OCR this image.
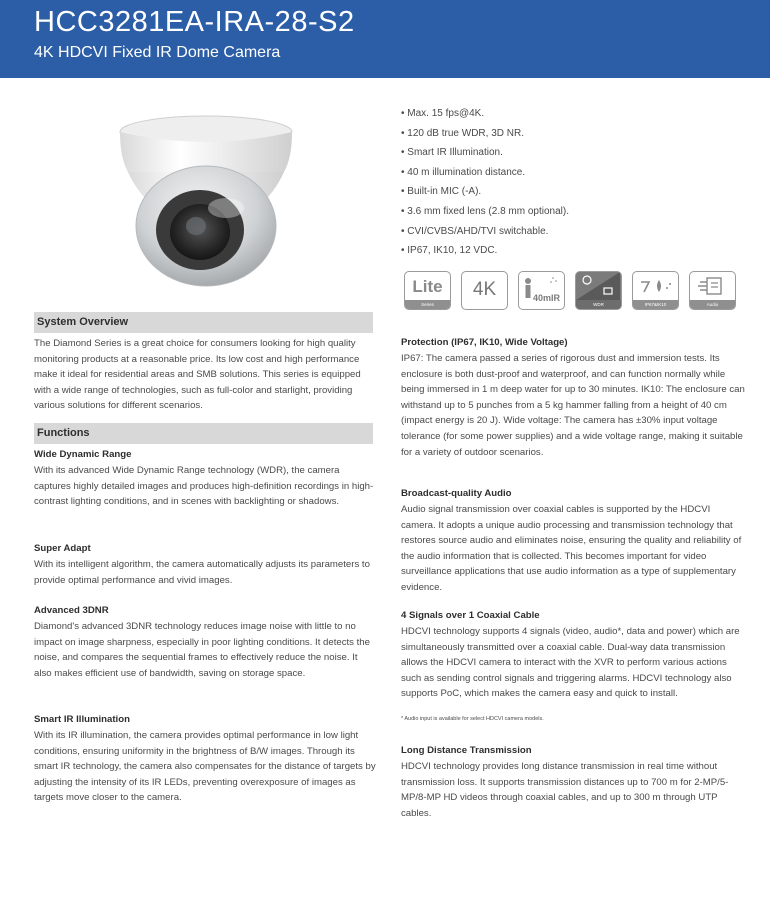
HCC3281EA-IRA-28-S2
4K HDCVI Fixed IR Dome Camera
• Max. 15 fps@4K.
• 120 dB true WDR, 3D NR.
• Smart IR Illumination.
• 40 m illumination distance.
• Built-in MIC (-A).
• 3.6 mm fixed lens (2.8 mm optional).
• CVI/CVBS/AHD/TVI switchable.
• IP67, IK10, 12 VDC.
Lite
Series
4K	40mIR
WDR	IP67&IK10	Audio
System Overview
The Diamond Series is a great choice for consumers looking for high quality monitoring products at a reasonable price. Its low cost and high performance make it ideal for residential areas and SMB solutions. This series is equipped with a wide range of technologies, such as full-color and starlight, providing various solutions for different scenarios.
Functions
Wide Dynamic Range
With its advanced Wide Dynamic Range technology (WDR), the camera captures highly detailed images and produces high-definition recordings in high-contrast lighting conditions, and in scenes with backlighting or shadows.
Super Adapt
With its intelligent algorithm, the camera automatically adjusts its parameters to provide optimal performance and vivid images.
Advanced 3DNR
Diamond's advanced 3DNR technology reduces image noise with little to no impact on image sharpness, especially in poor lighting conditions. It detects the noise, and compares the sequential frames to effectively reduce the noise. It also makes efficient use of bandwidth, saving on storage space.
Smart IR Illumination
With its IR illumination, the camera provides optimal performance in low light conditions, ensuring uniformity in the brightness of B/W images. Through its smart IR technology, the camera also compensates for the distance of targets by adjusting the intensity of its IR LEDs, preventing overexposure of images as targets move closer to the camera.
Protection (IP67, IK10, Wide Voltage)
IP67: The camera passed a series of rigorous dust and immersion tests. Its enclosure is both dust-proof and waterproof, and can function normally while being immersed in 1 m deep water for up to 30 minutes. IK10: The enclosure can withstand up to 5 punches from a 5 kg hammer falling from a height of 40 cm (impact energy is 20 J). Wide voltage: The camera has ±30% input voltage tolerance (for some power supplies) and a wide voltage range, making it suitable for a variety of outdoor scenarios.
Broadcast-quality Audio
Audio signal transmission over coaxial cables is supported by the HDCVI camera. It adopts a unique audio processing and transmission technology that restores source audio and eliminates noise, ensuring the quality and reliability of the audio information that is collected. This becomes important for video surveillance applications that use audio information as a type of supplementary evidence.
4 Signals over 1 Coaxial Cable
HDCVI technology supports 4 signals (video, audio*, data and power) which are simultaneously transmitted over a coaxial cable. Dual-way data transmission allows the HDCVI camera to interact with the XVR to perform various actions such as sending control signals and triggering alarms. HDCVI technology also supports PoC, which makes the camera easy and quick to install.
* Audio input is available for select HDCVI camera models.
Long Distance Transmission
HDCVI technology provides long distance transmission in real time without transmission loss. It supports transmission distances up to 700 m for 2-MP/5-MP/8-MP HD videos through coaxial cables, and up to 300 m through UTP cables.
